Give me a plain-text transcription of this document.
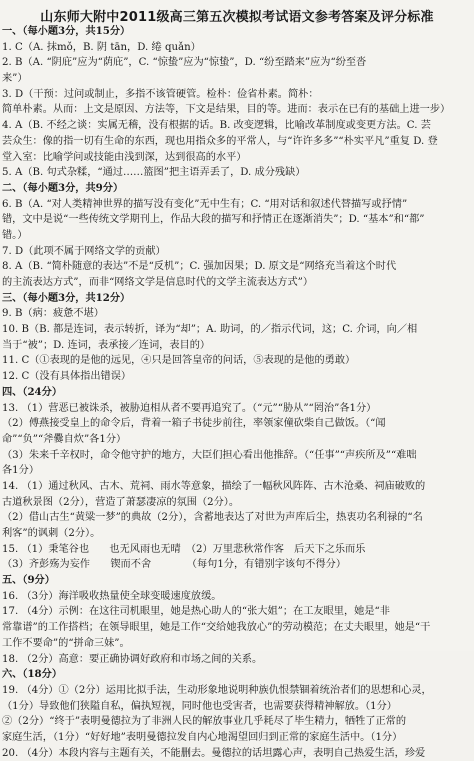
山东师大附中2011级高三第五次模拟考试语文参考答案及评分标准
一、（每小题3分，共15分）
1. C（A. 抹mǒ，B. 阴 tān，D. 绻 quǎn）
2. B（A. “阴庇”应为“荫庇”，C. “惊蛰”应为“惊蛰”，D. “纷至踏来”应为“纷至沓
来”）
3. D（干预：过问或制止，多指不该管硬管。检朴：俭省朴素。简朴：
简单朴素。从而：上文是原因、方法等，下文是结果，目的等。进而：表示在已有的基础上进一步）
4. A（B. 不经之谈：实属无稽，没有根据的话。B. 改变逻辑，比喻改革制度或变更方法。C. 芸
芸众生：像的指一切有生命的东西，现也用指众多的平常人，与“许许多多”“朴实平凡”重复 D. 登
堂入室：比喻学问或技能由浅到深，达到很高的水平）
5. A（B. 句式杂糅，“通过……篮图”把主语弄丢了，D. 成分残缺）
二、（每小题3分，共9分）
6. B（A. “对人类精神世界的描写没有变化”无中生有；C. “用对话和叙述代替描写或抒情”
错，文中是说“一些传统文学期刊上，作品大段的描写和抒情正在逐渐消失”；D. “基本”和“都”
错。）
7. D（此项不属于网络文学的贡献）
8. A（B. “简朴随意的表达”不是“反机”；C. 强加因果；D. 原文是“网络充当着这个时代
的主流表达方式”，而非“网络文学是信息时代的文学主流表达方式”）
三、（每小题3分，共12分）
9. B（病：疲惫不堪）
10. B（B. 都是连词，表示转折，译为“却”；A. 助词，的／指示代词，这；C. 介词，向／相
当于“被”；D. 连词，表承接／连词，表目的）
11. C（①表现的是他的远见，④只是回答皇帝的问话，⑤表现的是他的勇敢）
12. C（没有具体指出错误）
四、（24分）
13. （1）营恶已被诛杀，被胁迫相从者不要再追究了。（“元”“胁从”“罔治”各1分）
（2）傅燕接受皇上的命令后，背着一箱子书徒步前往，率领家僮砍柴自己做饭。（“闻
命”“负”“斧爨自炊”各1分）
（3）朱来千辛权时，命令他守护的地方，大臣们担心看出他推辞。（“任事”“声疾所及”“难咄
各1分）
14. （1）通过秋风、古木、荒祠、雨水等意象，描绘了一幅秋风阵阵、古木沧桑、祠庙破败的
古道秋景图（2分），营造了萧瑟凄凉的氛围（2分）。
（2）借山古生“黄粱一梦”的典故（2分），含蓄地表达了对世为声库后尘，热衷功名利禄的“名
利客”的讽刺（2分）。
15. （1）秉笔谷也　　也无风雨也无晴　（2）万里悲秋常作客　后天下之乐而乐
（3）齐彭殇为妄作　　锲而不舍　　　　（每句1分，有错别字该句不得分）
五、（9分）
16. （3分）海洋吸收热量使全球变暖速度放缓。
17. （4分）示例：在这往司机眼里，她是热心助人的“张大姐”；在工友眼里，她是“非
常靠谱”的工作搭档；在领导眼里，她是工作“交给她我放心”的劳动模范；在丈夫眼里，她是“干
工作不要命”的“拼命三妹”。
18. （2分）高意：要正确协调好政府和市场之间的关系。
六、（18分）
19. （4分）①（2分）运用比拟手法，生动形象地说明种族仇恨禁锢着统治者们的思想和心灵，
（1分）导致他们狭隘自私，偏执短视，同时他也受害者，也需要获得精神解放。（1分）
②（2分）“终于”表明曼德拉为了非洲人民的解放事业几乎耗尽了毕生精力，牺牲了正常的
家庭生活，（1分）“好好地”表明曼德拉发自内心地渴望回归到正常的家庭生活中。（1分）
20. （4分）本段内容与主题有关，不能删去。曼德拉的话坦露心声，表明自己热爱生活，珍爱
